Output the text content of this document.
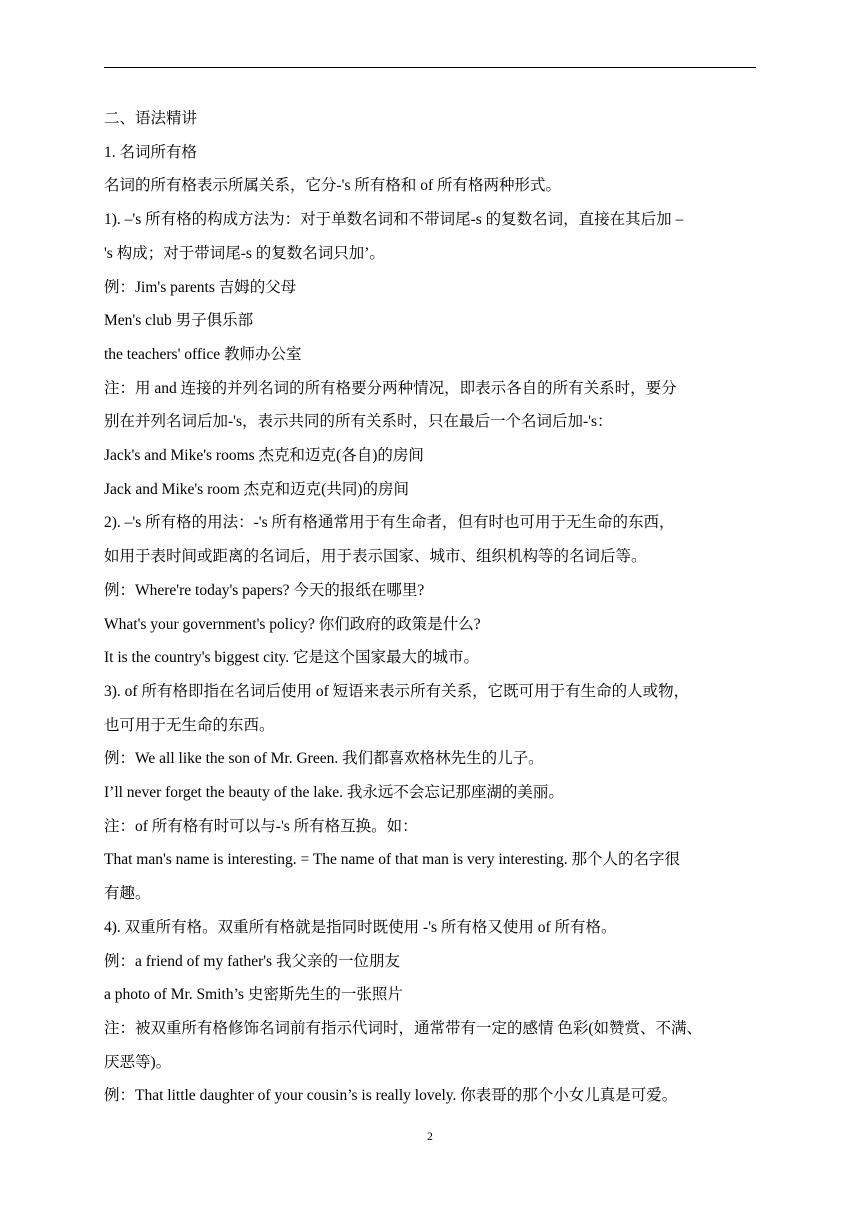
二、语法精讲
1. 名词所有格
名词的所有格表示所属关系，它分-'s 所有格和 of 所有格两种形式。
1). –'s 所有格的构成方法为：对于单数名词和不带词尾-s 的复数名词，直接在其后加 –
's 构成；对于带词尾-s 的复数名词只加’。
例：Jim's parents 吉姆的父母
Men's club 男子俱乐部
the teachers' office 教师办公室
注：用 and 连接的并列名词的所有格要分两种情况，即表示各自的所有关系时，要分
别在并列名词后加-'s，表示共同的所有关系时，只在最后一个名词后加-'s：
Jack's and Mike's rooms 杰克和迈克(各自)的房间
Jack and Mike's room 杰克和迈克(共同)的房间
2). –'s 所有格的用法：-'s 所有格通常用于有生命者，但有时也可用于无生命的东西，
如用于表时间或距离的名词后，用于表示国家、城市、组织机构等的名词后等。
例：Where're today's papers? 今天的报纸在哪里?
What's your government's policy? 你们政府的政策是什么?
It is the country's biggest city. 它是这个国家最大的城市。
3). of 所有格即指在名词后使用 of 短语来表示所有关系，它既可用于有生命的人或物，
也可用于无生命的东西。
例：We all like the son of Mr. Green. 我们都喜欢格林先生的儿子。
I’ll never forget the beauty of the lake. 我永远不会忘记那座湖的美丽。
注：of 所有格有时可以与-'s 所有格互换。如：
That man's name is interesting. = The name of that man is very interesting. 那个人的名字很
有趣。
4). 双重所有格。双重所有格就是指同时既使用 -'s 所有格又使用 of 所有格。
例：a friend of my father's 我父亲的一位朋友
a photo of Mr. Smith’s 史密斯先生的一张照片
注：被双重所有格修饰名词前有指示代词时，通常带有一定的感情 色彩(如赞赏、不满、
厌恶等)。
例：That little daughter of your cousin’s is really lovely. 你表哥的那个小女儿真是可爱。
2
